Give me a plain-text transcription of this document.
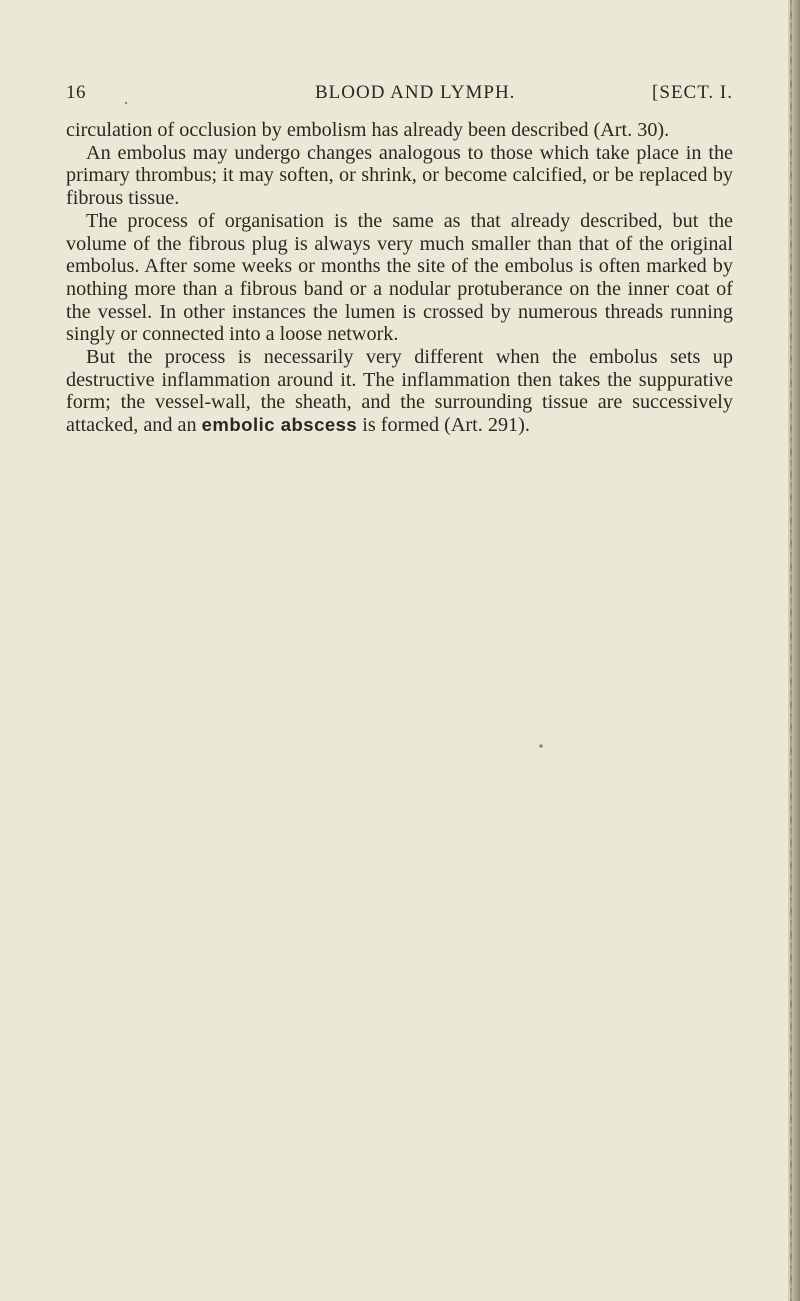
16	BLOOD AND LYMPH.	[SECT. I.

circulation of occlusion by embolism has already been described (Art. 30).

An embolus may undergo changes analogous to those which take place in the primary thrombus; it may soften, or shrink, or become calcified, or be replaced by fibrous tissue.

The process of organisation is the same as that already described, but the volume of the fibrous plug is always very much smaller than that of the original embolus. After some weeks or months the site of the embolus is often marked by nothing more than a fibrous band or a nodular protuberance on the inner coat of the vessel. In other instances the lumen is crossed by numerous threads running singly or connected into a loose network.

But the process is necessarily very different when the embolus sets up destructive inflammation around it. The inflammation then takes the suppurative form; the vessel-wall, the sheath, and the surrounding tissue are successively attacked, and an embolic abscess is formed (Art. 291).
